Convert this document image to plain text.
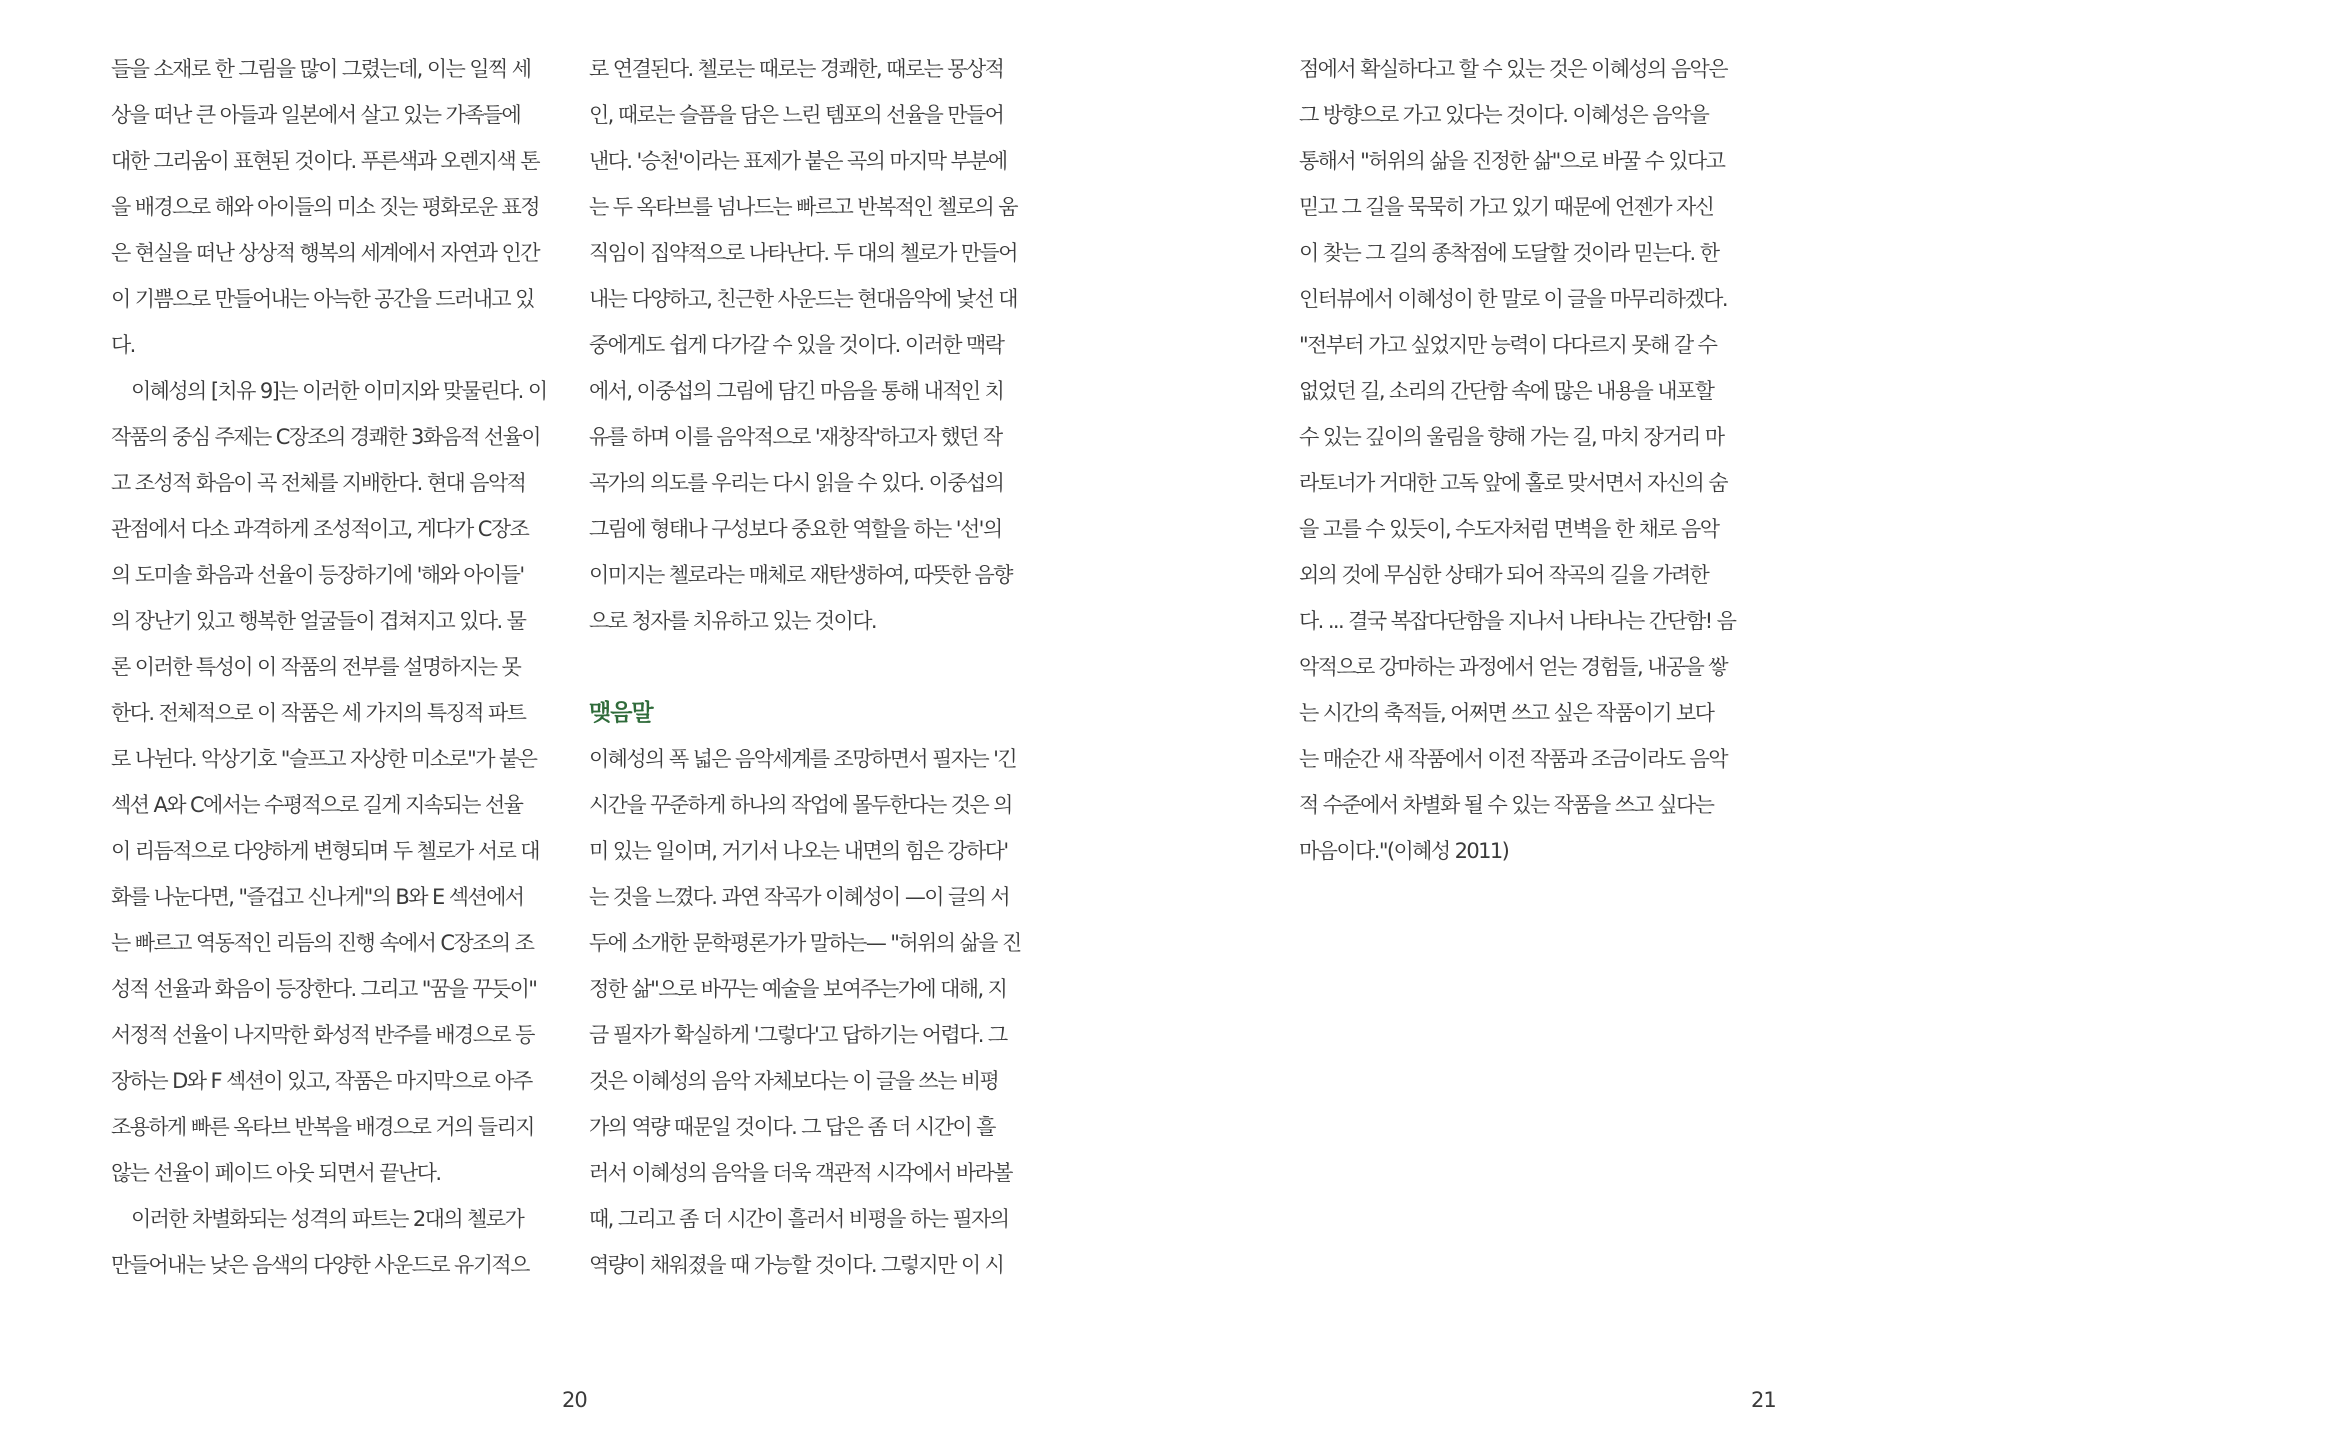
들을 소재로 한 그림을 많이 그렸는데, 이는 일찍 세
상을 떠난 큰 아들과 일본에서 살고 있는 가족들에
대한 그리움이 표현된 것이다. 푸른색과 오렌지색 톤
을 배경으로 해와 아이들의 미소 짓는 평화로운 표정
은 현실을 떠난 상상적 행복의 세계에서 자연과 인간
이 기쁨으로 만들어내는 아늑한 공간을 드러내고 있
다.
이혜성의 [치유 9]는 이러한 이미지와 맞물린다. 이
작품의 중심 주제는 C장조의 경쾌한 3화음적 선율이
고 조성적 화음이 곡 전체를 지배한다. 현대 음악적
관점에서 다소 과격하게 조성적이고, 게다가 C장조
의 도미솔 화음과 선율이 등장하기에 '해와 아이들'
의 장난기 있고 행복한 얼굴들이 겹쳐지고 있다. 물
론 이러한 특성이 이 작품의 전부를 설명하지는 못
한다. 전체적으로 이 작품은 세 가지의 특징적 파트
로 나뉜다. 악상기호 "슬프고 자상한 미소로"가 붙은
섹션 A와 C에서는 수평적으로 길게 지속되는 선율
이 리듬적으로 다양하게 변형되며 두 첼로가 서로 대
화를 나눈다면, "즐겁고 신나게"의 B와 E 섹션에서
는 빠르고 역동적인 리듬의 진행 속에서 C장조의 조
성적 선율과 화음이 등장한다. 그리고 "꿈을 꾸듯이"
서정적 선율이 나지막한 화성적 반주를 배경으로 등
장하는 D와 F 섹션이 있고, 작품은 마지막으로 아주
조용하게 빠른 옥타브 반복을 배경으로 거의 들리지
않는 선율이 페이드 아웃 되면서 끝난다.
이러한 차별화되는 성격의 파트는 2대의 첼로가
만들어내는 낮은 음색의 다양한 사운드로 유기적으
로 연결된다. 첼로는 때로는 경쾌한, 때로는 몽상적
인, 때로는 슬픔을 담은 느린 템포의 선율을 만들어
낸다. '승천'이라는 표제가 붙은 곡의 마지막 부분에
는 두 옥타브를 넘나드는 빠르고 반복적인 첼로의 움
직임이 집약적으로 나타난다. 두 대의 첼로가 만들어
내는 다양하고, 친근한 사운드는 현대음악에 낯선 대
중에게도 쉽게 다가갈 수 있을 것이다. 이러한 맥락
에서, 이중섭의 그림에 담긴 마음을 통해 내적인 치
유를 하며 이를 음악적으로 '재창작'하고자 했던 작
곡가의 의도를 우리는 다시 읽을 수 있다. 이중섭의
그림에 형태나 구성보다 중요한 역할을 하는 '선'의
이미지는 첼로라는 매체로 재탄생하여, 따뜻한 음향
으로 청자를 치유하고 있는 것이다.
맺음말
이혜성의 폭 넓은 음악세계를 조망하면서 필자는 '긴
시간을 꾸준하게 하나의 작업에 몰두한다는 것은 의
미 있는 일이며, 거기서 나오는 내면의 힘은 강하다'
는 것을 느꼈다. 과연 작곡가 이혜성이 —이 글의 서
두에 소개한 문학평론가가 말하는— "허위의 삶을 진
정한 삶"으로 바꾸는 예술을 보여주는가에 대해, 지
금 필자가 확실하게 '그렇다'고 답하기는 어렵다. 그
것은 이혜성의 음악 자체보다는 이 글을 쓰는 비평
가의 역량 때문일 것이다. 그 답은 좀 더 시간이 흘
러서 이혜성의 음악을 더욱 객관적 시각에서 바라볼
때, 그리고 좀 더 시간이 흘러서 비평을 하는 필자의
역량이 채워졌을 때 가능할 것이다. 그렇지만 이 시
점에서 확실하다고 할 수 있는 것은 이혜성의 음악은
그 방향으로 가고 있다는 것이다. 이혜성은 음악을
통해서 "허위의 삶을 진정한 삶"으로 바꿀 수 있다고
믿고 그 길을 묵묵히 가고 있기 때문에 언젠가 자신
이 찾는 그 길의 종착점에 도달할 것이라 믿는다. 한
인터뷰에서 이혜성이 한 말로 이 글을 마무리하겠다.
"전부터 가고 싶었지만 능력이 다다르지 못해 갈 수
없었던 길, 소리의 간단함 속에 많은 내용을 내포할
수 있는 깊이의 울림을 향해 가는 길, 마치 장거리 마
라토너가 거대한 고독 앞에 홀로 맞서면서 자신의 숨
을 고를 수 있듯이, 수도자처럼 면벽을 한 채로 음악
외의 것에 무심한 상태가 되어 작곡의 길을 가려한
다. ... 결국 복잡다단함을 지나서 나타나는 간단함! 음
악적으로 강마하는 과정에서 얻는 경험들, 내공을 쌓
는 시간의 축적들, 어쩌면 쓰고 싶은 작품이기 보다
는 매순간 새 작품에서 이전 작품과 조금이라도 음악
적 수준에서 차별화 될 수 있는 작품을 쓰고 싶다는
마음이다."(이혜성 2011)
20	21
